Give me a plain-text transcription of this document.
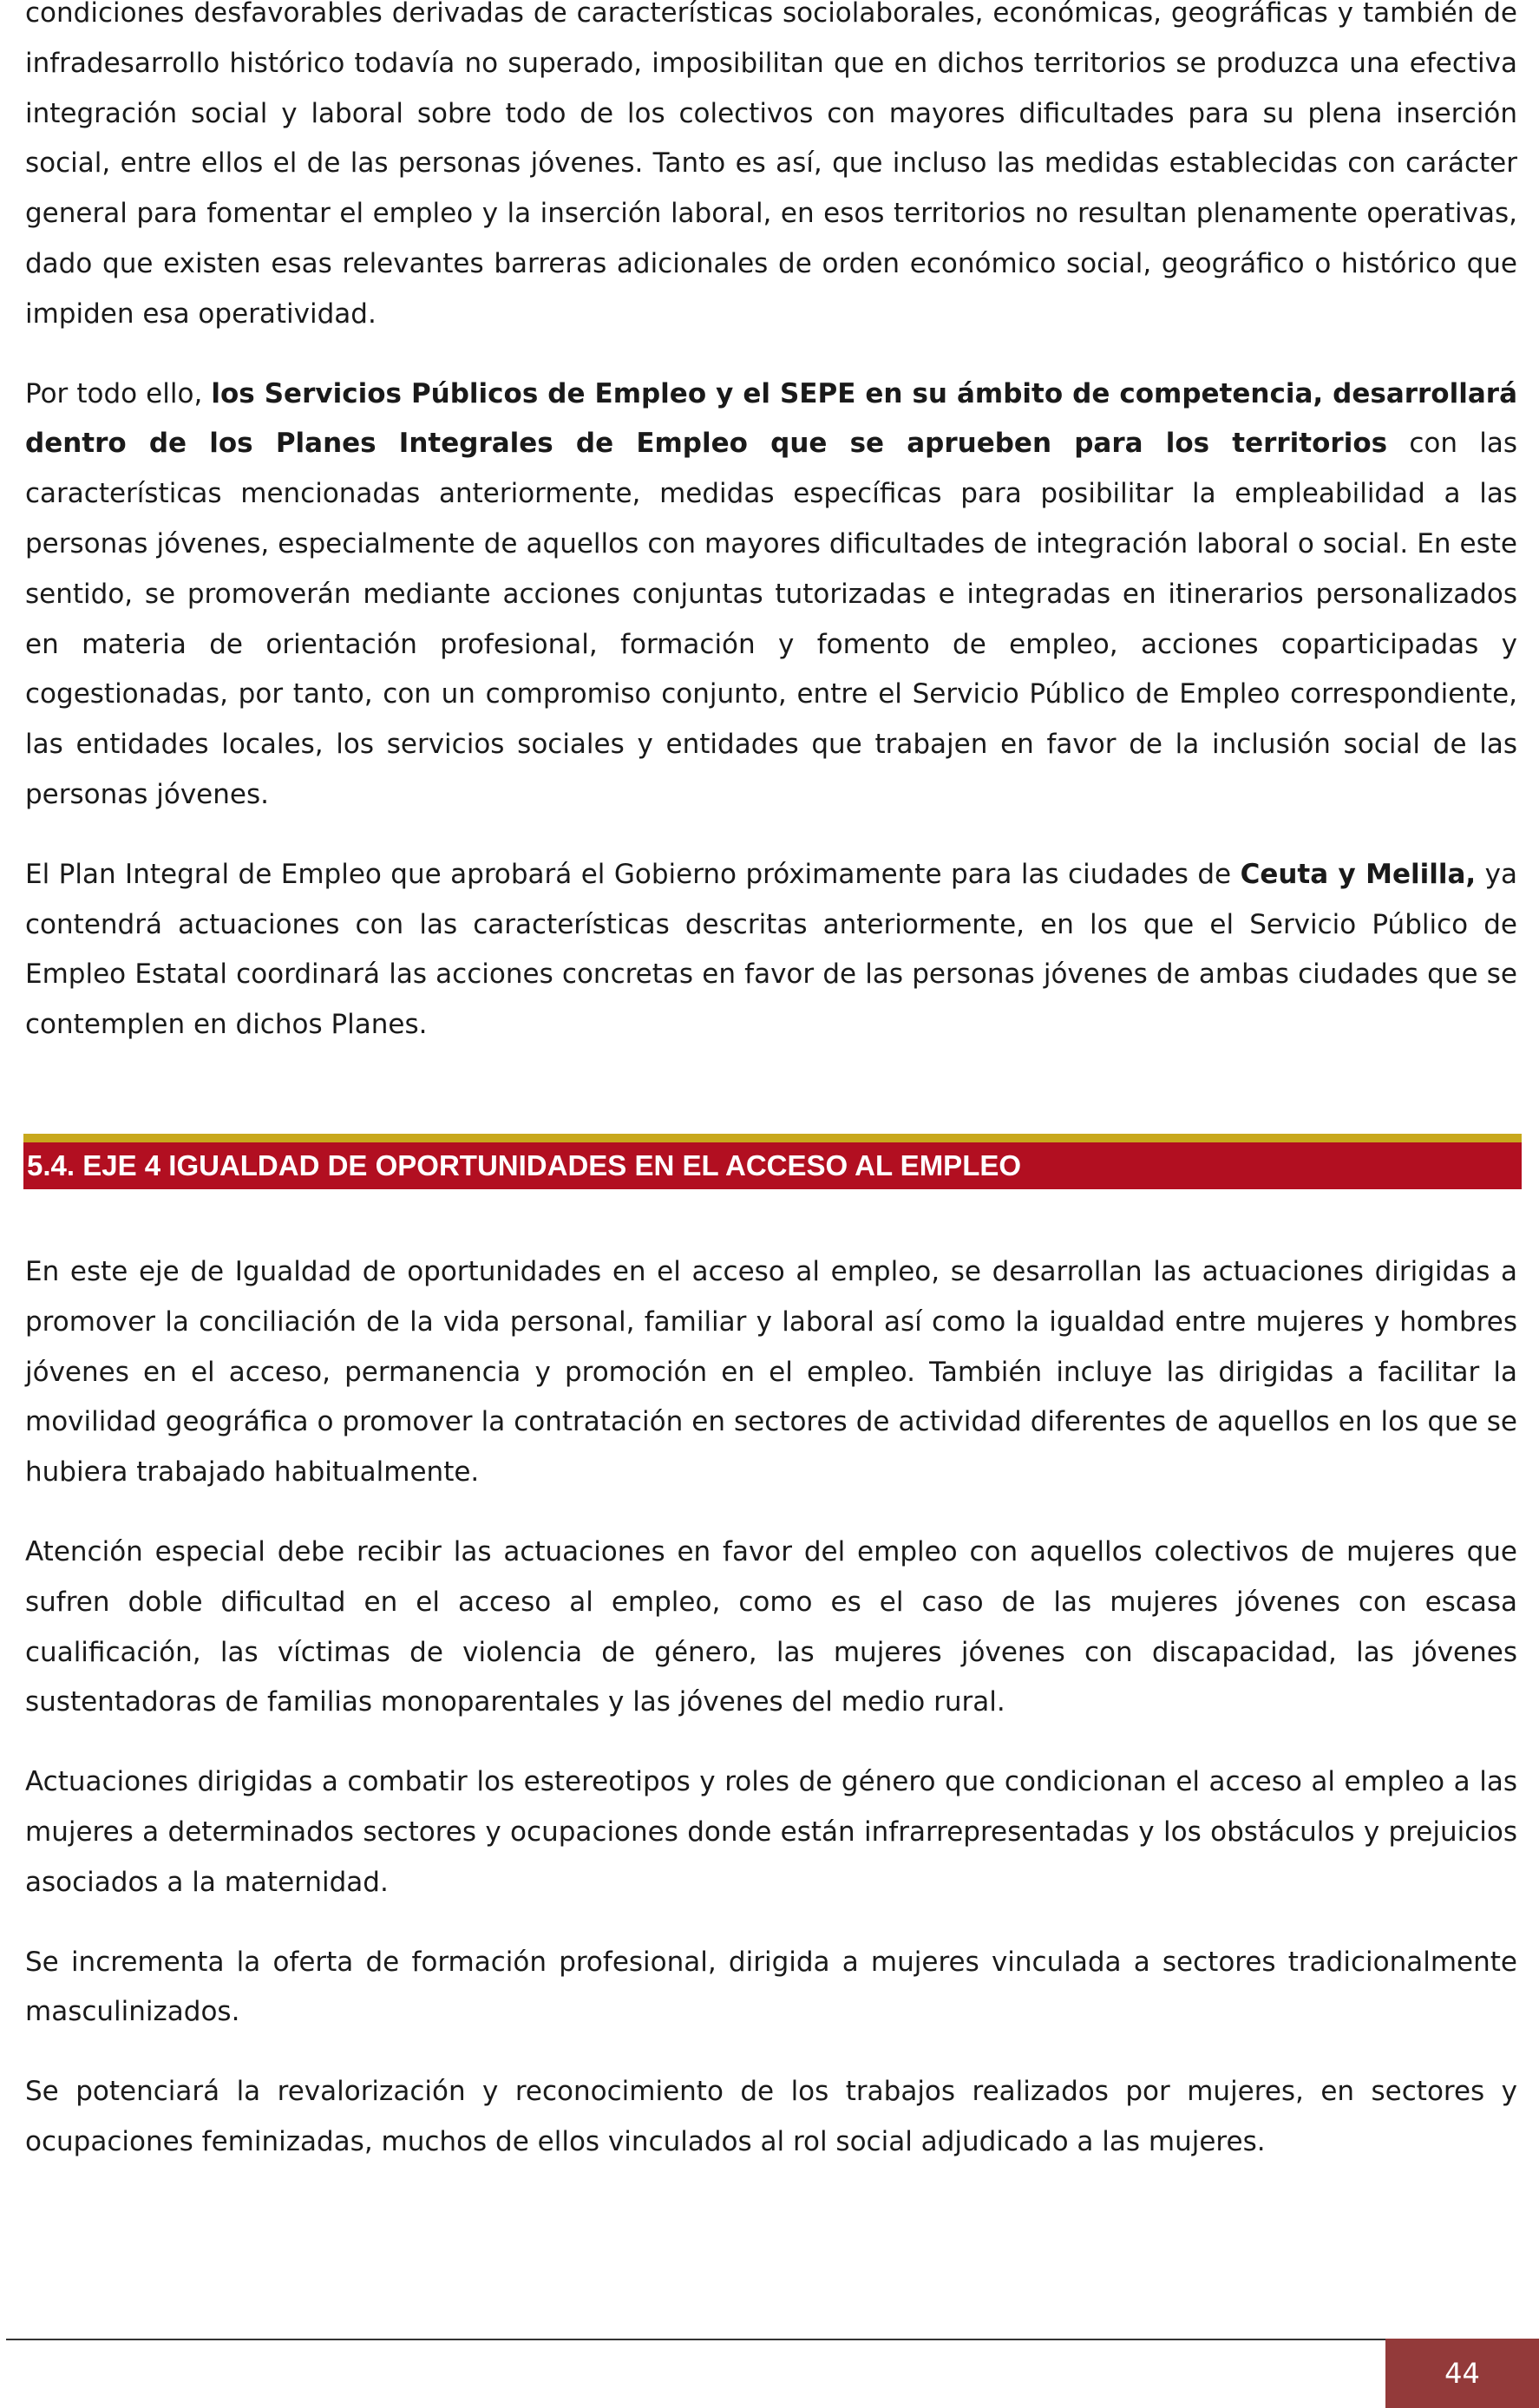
condiciones desfavorables derivadas de características sociolaborales, económicas, geográficas y también de infradesarrollo histórico todavía no superado, imposibilitan que en dichos territorios se produzca una efectiva integración social y laboral sobre todo de los colectivos con mayores dificultades para su plena inserción social, entre ellos el de las personas jóvenes. Tanto es así, que incluso las medidas establecidas con carácter general para fomentar el empleo y la inserción laboral, en esos territorios no resultan plenamente operativas, dado que existen esas relevantes barreras adicionales de orden económico social, geográfico o histórico que impiden esa operatividad.

Por todo ello, los Servicios Públicos de Empleo y el SEPE en su ámbito de competencia, desarrollará dentro de los Planes Integrales de Empleo que se aprueben para los territorios con las características mencionadas anteriormente, medidas específicas para posibilitar la empleabilidad a las personas jóvenes, especialmente de aquellos con mayores dificultades de integración laboral o social. En este sentido, se promoverán mediante acciones conjuntas tutorizadas e integradas en itinerarios personalizados en materia de orientación profesional, formación y fomento de empleo, acciones coparticipadas y cogestionadas, por tanto, con un compromiso conjunto, entre el Servicio Público de Empleo correspondiente, las entidades locales, los servicios sociales y entidades que trabajen en favor de la inclusión social de las personas jóvenes.

El Plan Integral de Empleo que aprobará el Gobierno próximamente para las ciudades de Ceuta y Melilla, ya contendrá actuaciones con las características descritas anteriormente, en los que el Servicio Público de Empleo Estatal coordinará las acciones concretas en favor de las personas jóvenes de ambas ciudades que se contemplen en dichos Planes.

5.4. EJE 4 IGUALDAD DE OPORTUNIDADES EN EL ACCESO AL EMPLEO

En este eje de Igualdad de oportunidades en el acceso al empleo, se desarrollan las actuaciones dirigidas a promover la conciliación de la vida personal, familiar y laboral así como la igualdad entre mujeres y hombres jóvenes en el acceso, permanencia y promoción en el empleo. También incluye las dirigidas a facilitar la movilidad geográfica o promover la contratación en sectores de actividad diferentes de aquellos en los que se hubiera trabajado habitualmente.

Atención especial debe recibir las actuaciones en favor del empleo con aquellos colectivos de mujeres que sufren doble dificultad en el acceso al empleo, como es el caso de las mujeres jóvenes con escasa cualificación, las víctimas de violencia de género, las mujeres jóvenes con discapacidad, las jóvenes sustentadoras de familias monoparentales y las jóvenes del medio rural.

Actuaciones dirigidas a combatir los estereotipos y roles de género que condicionan el acceso al empleo a las mujeres a determinados sectores y ocupaciones donde están infrarrepresentadas y los obstáculos y prejuicios asociados a la maternidad.

Se incrementa la oferta de formación profesional, dirigida a mujeres vinculada a sectores tradicionalmente masculinizados.

Se potenciará la revalorización y reconocimiento de los trabajos realizados por mujeres, en sectores y ocupaciones feminizadas, muchos de ellos vinculados al rol social adjudicado a las mujeres.

44
